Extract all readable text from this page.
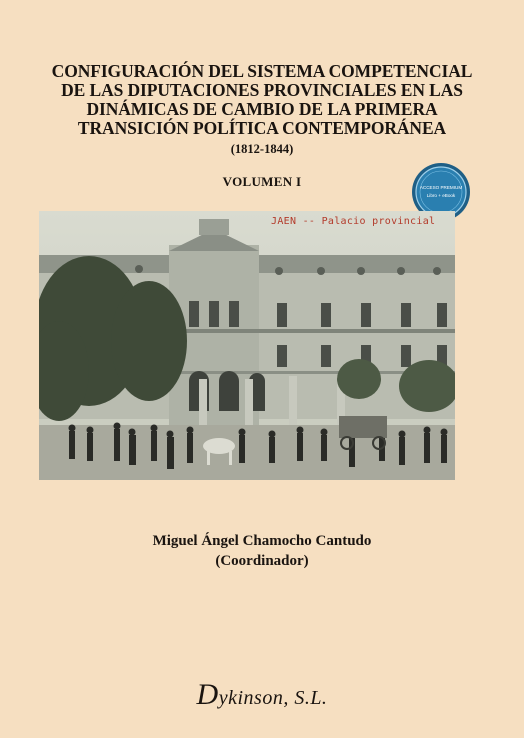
CONFIGURACIÓN DEL SISTEMA COMPETENCIAL
DE LAS DIPUTACIONES PROVINCIALES EN LAS
DINÁMICAS DE CAMBIO DE LA PRIMERA
TRANSICIÓN POLÍTICA CONTEMPORÁNEA
(1812-1844)
VOLUMEN I	ACCESO PREMIUM
Libro + eBook
JAEN -- Palacio provincial
Miguel Ángel Chamocho Cantudo
(Coordinador)
Dykinson, S.L.
